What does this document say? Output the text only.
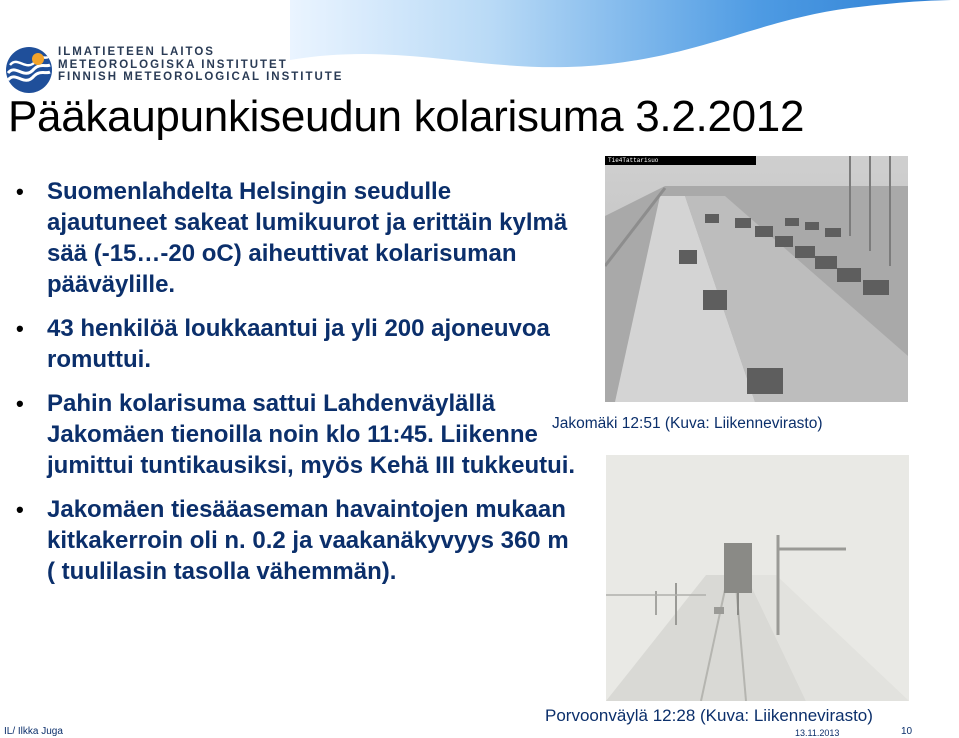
ILMATIETEEN LAITOS
METEOROLOGISKA INSTITUTET
FINNISH METEOROLOGICAL INSTITUTE
Pääkaupunkiseudun kolarisuma 3.2.2012
• Suomenlahdelta Helsingin seudulle ajautuneet sakeat lumikuurot ja erittäin kylmä sää (-15…-20 oC) aiheuttivat kolarisuman pääväylille.
• 43 henkilöä loukkaantui ja yli 200 ajoneuvoa romuttui.
• Pahin kolarisuma sattui Lahdenväylällä Jakomäen tienoilla noin klo 11:45. Liikenne jumittui tuntikausiksi, myös Kehä III tukkeutui.
• Jakomäen tiesääaseman havaintojen mukaan kitkakerroin oli n. 0.2 ja vaakanäkyvyys 360 m ( tuulilasin tasolla vähemmän).
Tie4Tattarisuo
Jakomäki 12:51 (Kuva: Liikennevirasto)
Porvoonväylä 12:28 (Kuva: Liikennevirasto)
IL/ Ilkka Juga	13.11.2013	10
